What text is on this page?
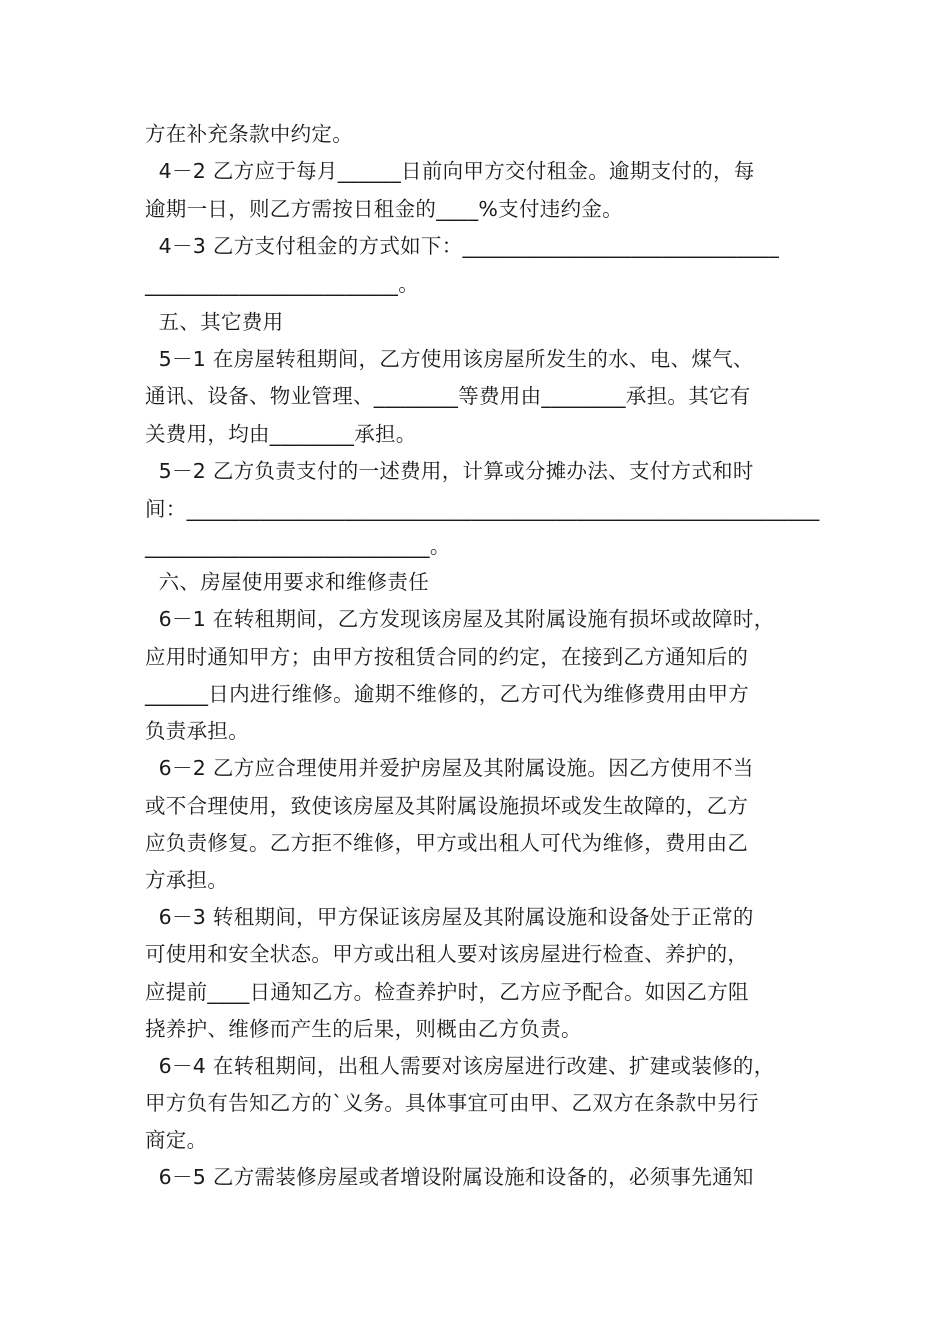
方在补充条款中约定。
4－2 乙方应于每月______日前向甲方交付租金。逾期支付的，每
逾期一日，则乙方需按日租金的____%支付违约金。
4－3 乙方支付租金的方式如下：______________________________
________________________。
五、其它费用
5－1 在房屋转租期间，乙方使用该房屋所发生的水、电、煤气、
通讯、设备、物业管理、________等费用由________承担。其它有
关费用，均由________承担。
5－2 乙方负责支付的一述费用，计算或分摊办法、支付方式和时
间：____________________________________________________________
___________________________。
六、房屋使用要求和维修责任
6－1 在转租期间，乙方发现该房屋及其附属设施有损坏或故障时，
应用时通知甲方；由甲方按租赁合同的约定，在接到乙方通知后的
______日内进行维修。逾期不维修的，乙方可代为维修费用由甲方
负责承担。
6－2 乙方应合理使用并爱护房屋及其附属设施。因乙方使用不当
或不合理使用，致使该房屋及其附属设施损坏或发生故障的，乙方
应负责修复。乙方拒不维修，甲方或出租人可代为维修，费用由乙
方承担。
6－3 转租期间，甲方保证该房屋及其附属设施和设备处于正常的
可使用和安全状态。甲方或出租人要对该房屋进行检查、养护的，
应提前____日通知乙方。检查养护时，乙方应予配合。如因乙方阻
挠养护、维修而产生的后果，则概由乙方负责。
6－4 在转租期间，出租人需要对该房屋进行改建、扩建或装修的，
甲方负有告知乙方的`义务。具体事宜可由甲、乙双方在条款中另行
商定。
6－5 乙方需装修房屋或者增设附属设施和设备的，必须事先通知
